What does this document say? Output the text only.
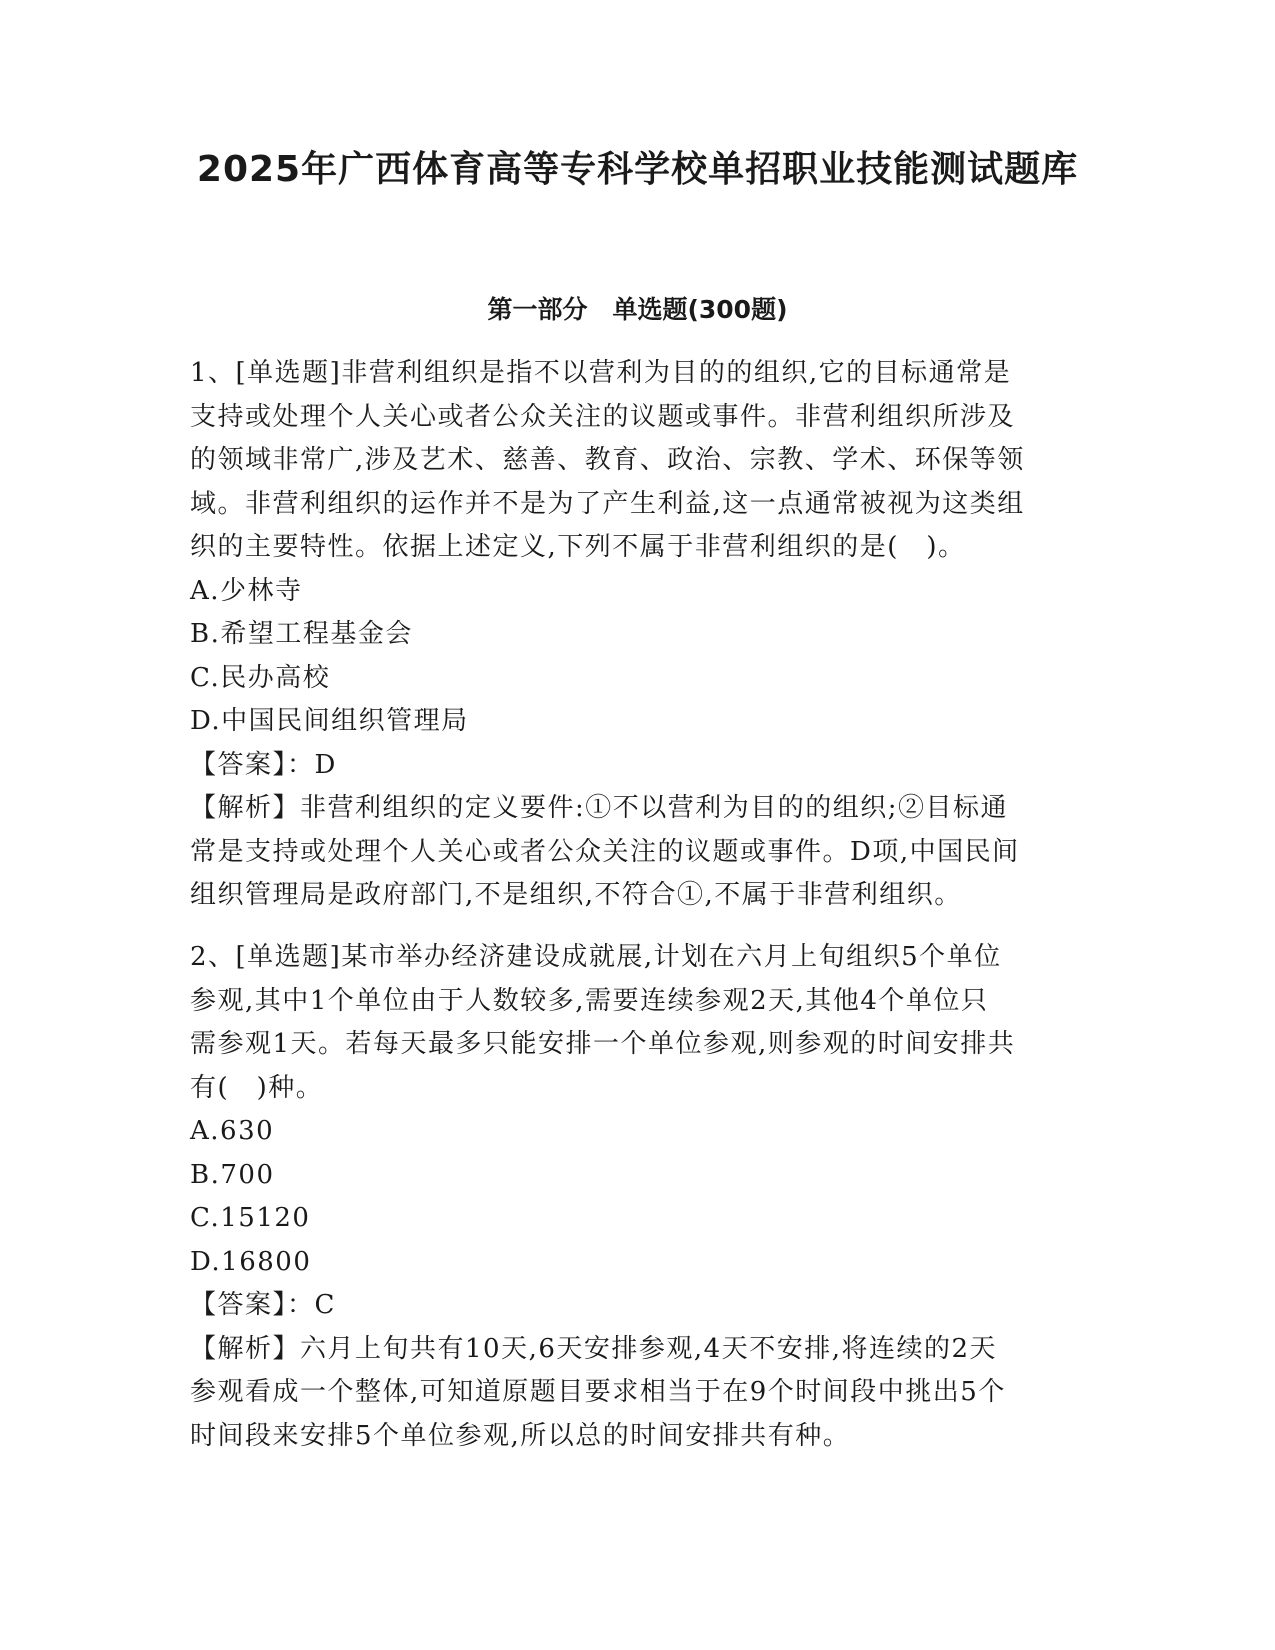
2025年广西体育高等专科学校单招职业技能测试题库
第一部分　单选题(300题)
1、[单选题]非营利组织是指不以营利为目的的组织,它的目标通常是
支持或处理个人关心或者公众关注的议题或事件。非营利组织所涉及
的领域非常广,涉及艺术、慈善、教育、政治、宗教、学术、环保等领
域。非营利组织的运作并不是为了产生利益,这一点通常被视为这类组
织的主要特性。依据上述定义,下列不属于非营利组织的是(　)。
A.少林寺
B.希望工程基金会
C.民办高校
D.中国民间组织管理局
【答案】：D
【解析】非营利组织的定义要件:①不以营利为目的的组织;②目标通
常是支持或处理个人关心或者公众关注的议题或事件。D项,中国民间
组织管理局是政府部门,不是组织,不符合①,不属于非营利组织。
2、[单选题]某市举办经济建设成就展,计划在六月上旬组织5个单位
参观,其中1个单位由于人数较多,需要连续参观2天,其他4个单位只
需参观1天。若每天最多只能安排一个单位参观,则参观的时间安排共
有(　)种。
A.630
B.700
C.15120
D.16800
【答案】：C
【解析】六月上旬共有10天,6天安排参观,4天不安排,将连续的2天
参观看成一个整体,可知道原题目要求相当于在9个时间段中挑出5个
时间段来安排5个单位参观,所以总的时间安排共有种。
